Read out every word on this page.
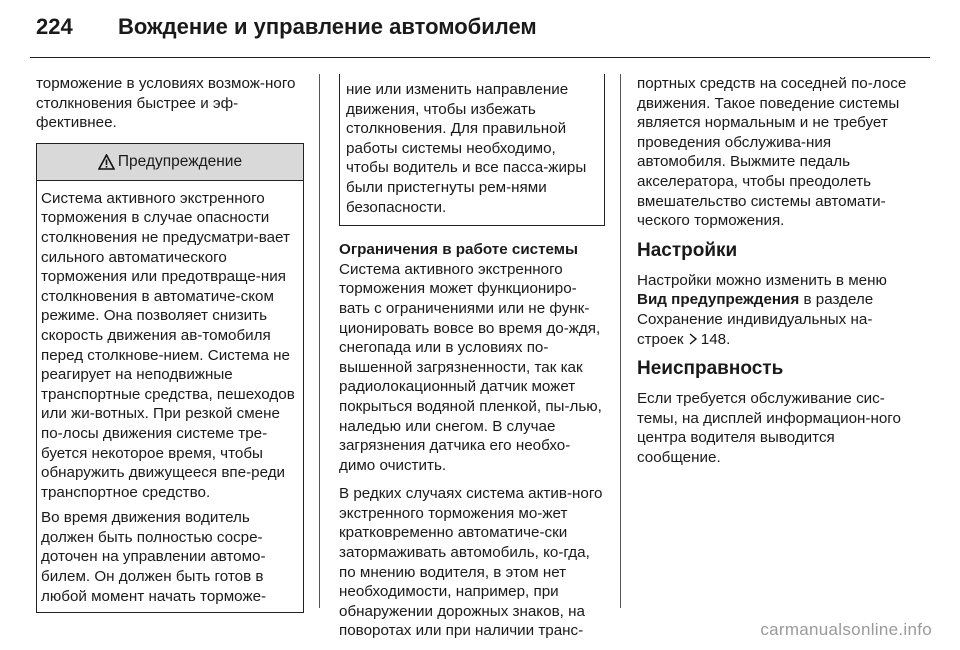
224	Вождение и управление автомобилем

торможение в условиях возмож-ного столкновения быстрее и эф-фективнее.

Предупреждение

Система активного экстренного торможения в случае опасности столкновения не предусматри-вает сильного автоматического торможения или предотвраще-ния столкновения в автоматиче-ском режиме. Она позволяет снизить скорость движения ав-томобиля перед столкнове-нием. Система не реагирует на неподвижные транспортные средства, пешеходов или жи-вотных. При резкой смене по-лосы движения системе тре-буется некоторое время, чтобы обнаружить движущееся впе-реди транспортное средство.

Во время движения водитель должен быть полностью сосре-доточен на управлении автомо-билем. Он должен быть готов в любой момент начать торможе-

ние или изменить направление движения, чтобы избежать столкновения. Для правильной работы системы необходимо, чтобы водитель и все пасса-жиры были пристегнуты рем-нями безопасности.

Ограничения в работе системы

Система активного экстренного торможения может функциониро-вать с ограничениями или не функ-ционировать вовсе во время до-ждя, снегопада или в условиях по-вышенной загрязненности, так как радиолокационный датчик может покрыться водяной пленкой, пы-лью, наледью или снегом. В случае загрязнения датчика его необхо-димо очистить.

В редких случаях система актив-ного экстренного торможения мо-жет кратковременно автоматиче-ски затормаживать автомобиль, ко-гда, по мнению водителя, в этом нет необходимости, например, при обнаружении дорожных знаков, на поворотах или при наличии транс-

портных средств на соседней по-лосе движения. Такое поведение системы является нормальным и не требует проведения обслужива-ния автомобиля. Выжмите педаль акселератора, чтобы преодолеть вмешательство системы автомати-ческого торможения.

Настройки

Настройки можно изменить в меню Вид предупреждения в разделе Сохранение индивидуальных на-строек 148.

Неисправность

Если требуется обслуживание сис-темы, на дисплей информацион-ного центра водителя выводится сообщение.

carmanualsonline.info
